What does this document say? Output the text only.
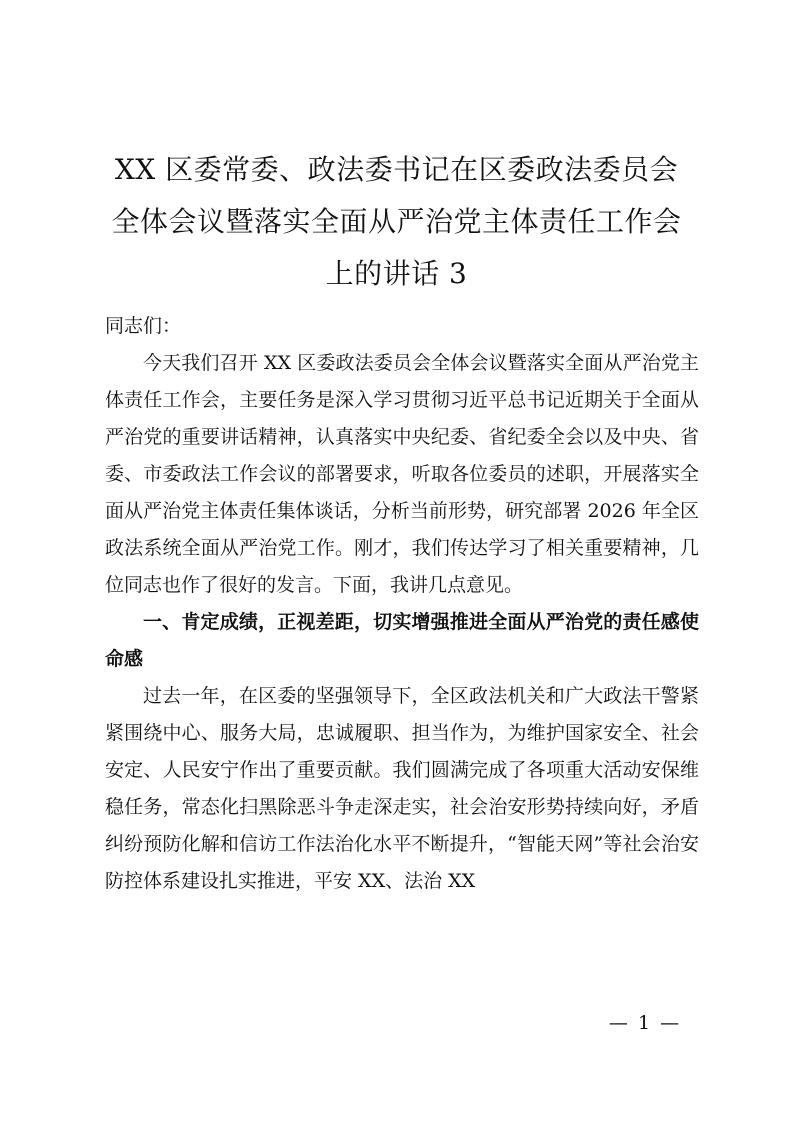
XX 区委常委、政法委书记在区委政法委员会
全体会议暨落实全面从严治党主体责任工作会
上的讲话 3

同志们：

今天我们召开 XX 区委政法委员会全体会议暨落实全面从严治党主体责任工作会，主要任务是深入学习贯彻习近平总书记近期关于全面从严治党的重要讲话精神，认真落实中央纪委、省纪委全会以及中央、省委、市委政法工作会议的部署要求，听取各位委员的述职，开展落实全面从严治党主体责任集体谈话，分析当前形势，研究部署 2026 年全区政法系统全面从严治党工作。刚才，我们传达学习了相关重要精神，几位同志也作了很好的发言。下面，我讲几点意见。

一、肯定成绩，正视差距，切实增强推进全面从严治党的责任感使命感

过去一年，在区委的坚强领导下，全区政法机关和广大政法干警紧紧围绕中心、服务大局，忠诚履职、担当作为，为维护国家安全、社会安定、人民安宁作出了重要贡献。我们圆满完成了各项重大活动安保维稳任务，常态化扫黑除恶斗争走深走实，社会治安形势持续向好，矛盾纠纷预防化解和信访工作法治化水平不断提升，“智能天网”等社会治安防控体系建设扎实推进，平安 XX、法治 XX

— 1 —
